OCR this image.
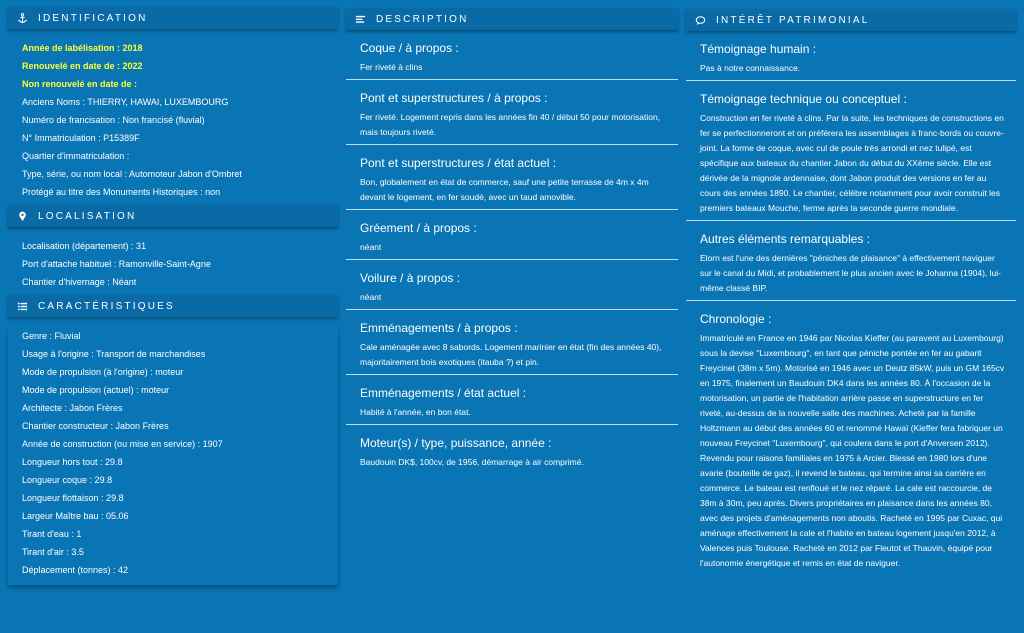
IDENTIFICATION
Année de labélisation : 2018
Renouvelé en date de : 2022
Non renouvelé en date de :
Anciens Noms : THIERRY, HAWAI, LUXEMBOURG
Numéro de francisation : Non francisé (fluvial)
N° Immatriculation : P15389F
Quartier d'immatriculation :
Type, série, ou nom local : Automoteur Jabon d'Ombret
Protégé au titre des Monuments Historiques : non
LOCALISATION
Localisation (département) : 31
Port d'attache habituel : Ramonville-Saint-Agne
Chantier d'hivernage : Néant
CARACTÉRISTIQUES
Genre : Fluvial
Usage à l'origine : Transport de marchandises
Mode de propulsion (à l'origine) : moteur
Mode de propulsion (actuel) : moteur
Architecte : Jabon Frères
Chantier constructeur : Jabon Frères
Année de construction (ou mise en service) : 1907
Longueur hors tout : 29.8
Longueur coque : 29.8
Longueur flottaison : 29.8
Largeur Maître bau : 05.06
Tirant d'eau : 1
Tirant d'air : 3.5
Déplacement (tonnes) : 42
DESCRIPTION
Coque / à propos :
Fer riveté à clins
Pont et superstructures / à propos :
Fer riveté. Logement repris dans les années fin 40 / début 50 pour motorisation, mais toujours riveté.
Pont et superstructures / état actuel :
Bon, globalement en état de commerce, sauf une petite terrasse de 4m x 4m devant le logement, en fer soudé, avec un taud amovible.
Gréement / à propos :
néant
Voilure / à propos :
néant
Emménagements / à propos :
Cale aménagée avec 8 sabords. Logement marinier en état (fin des années 40), majoritairement bois exotiques (itauba ?) et pin.
Emménagements / état actuel :
Habité à l'année, en bon état.
Moteur(s) / type, puissance, année :
Baudouin DK$, 100cv, de 1956, démarrage à air comprimé.
INTÉRÊT PATRIMONIAL
Témoignage humain :
Pas à notre connaissance.
Témoignage technique ou conceptuel :
Construction en fer riveté à clins. Par la suite, les techniques de constructions en fer se perfectionneront et on préférera les assemblages à franc-bords ou couvre-joint. La forme de coque, avec cul de poule très arrondi et nez tulipé, est spécifique aux bateaux du chantier Jabon du début du XXème siècle. Elle est dérivée de la mignole ardennaise, dont Jabon produit des versions en fer au cours des années 1890. Le chantier, célèbre notamment pour avoir construit les premiers bateaux Mouche, ferme après la seconde guerre mondiale.
Autres éléments remarquables :
Elorn est l'une des dernières "péniches de plaisance" à effectivement naviguer sur le canal du Midi, et probablement le plus ancien avec le Johanna (1904), lui-même classé BIP.
Chronologie :
Immatriculé en France en 1946 par Nicolas Kieffer (au paravent au Luxembourg) sous la devise "Luxembourg", en tant que péniche pontée en fer au gabarit Freycinet (38m x 5m). Motorisé en 1946 avec un Deutz 85kW, puis un GM 165cv en 1975, finalement un Baudouin DK4 dans les années 80. À l'occasion de la motorisation, un partie de l'habitation arrière passe en superstructure en fer riveté, au-dessus de la nouvelle salle des machines. Acheté par la famille Holtzmann au début des années 60 et renommé Hawaï (Kieffer fera fabriquer un nouveau Freycinet "Luxembourg", qui coulera dans le port d'Anversen 2012). Revendu pour raisons familiales en 1975 à Arcier. Blessé en 1980 lors d'une avarie (bouteille de gaz), il revend le bateau, qui termine ainsi sa carrière en commerce. Le bateau est renfloué et le nez réparé. La cale est raccourcie, de 38m à 30m, peu après. Divers propriétaires en plaisance dans les années 80, avec des projets d'aménagements non aboutis. Racheté en 1995 par Cuxac, qui aménage effectivement la cale et l'habite en bateau logement jusqu'en 2012, à Valences puis Toulouse. Racheté en 2012 par Fleutot et Thauvin, équipé pour l'autonomie énergétique et remis en état de naviguer.
